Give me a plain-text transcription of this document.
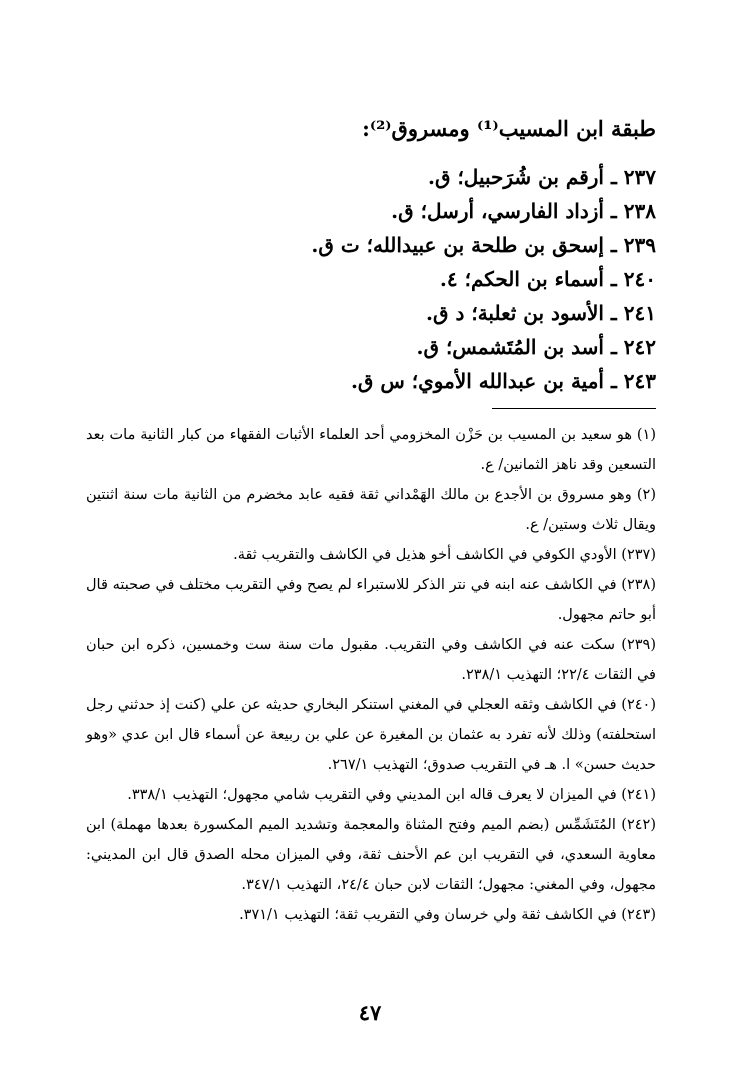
طبقة ابن المسيب⁽¹⁾ ومسروق⁽²⁾:
٢٣٧ ـ أرقم بن شُرَحبيل؛ ق.
٢٣٨ ـ أزداد الفارسي، أرسل؛ ق.
٢٣٩ ـ إسحق بن طلحة بن عبيدالله؛ ت ق.
٢٤٠ ـ أسماء بن الحكم؛ ٤.
٢٤١ ـ الأسود بن ثعلبة؛ د ق.
٢٤٢ ـ أسد بن المُتَشمس؛ ق.
٢٤٣ ـ أمية بن عبدالله الأموي؛ س ق.

(١) هو سعيد بن المسيب بن حَزْن المخزومي أحد العلماء الأثبات الفقهاء من كبار الثانية مات بعد التسعين وقد ناهز الثمانين/ ع.

(٢) وهو مسروق بن الأجدع بن مالك الهَمْداني ثقة فقيه عابد مخضرم من الثانية مات سنة اثنتين ويقال ثلاث وستين/ ع.

(٢٣٧) الأودي الكوفي في الكاشف أخو هذيل في الكاشف والتقريب ثقة.

(٢٣٨) في الكاشف عنه ابنه في نتر الذكر للاستبراء لم يصح وفي التقريب مختلف في صحبته قال أبو حاتم مجهول.

(٢٣٩) سكت عنه في الكاشف وفي التقريب. مقبول مات سنة ست وخمسين، ذكره ابن حبان في الثقات ٢٢/٤؛ التهذيب ٢٣٨/١.

(٢٤٠) في الكاشف وثقه العجلي في المغني استنكر البخاري حديثه عن علي (كنت إذ حدثني رجل استحلفته) وذلك لأنه تفرد به عثمان بن المغيرة عن علي بن ربيعة عن أسماء قال ابن عدي «وهو حديث حسن» ا. هـ في التقريب صدوق؛ التهذيب ٢٦٧/١.

(٢٤١) في الميزان لا يعرف قاله ابن المديني وفي التقريب شامي مجهول؛ التهذيب ٣٣٨/١.

(٢٤٢) المُتَشَمِّس (بضم الميم وفتح المثناة والمعجمة وتشديد الميم المكسورة بعدها مهملة) ابن معاوية السعدي، في التقريب ابن عم الأحنف ثقة، وفي الميزان محله الصدق قال ابن المديني: مجهول، وفي المغني: مجهول؛ الثقات لابن حبان ٢٤/٤، التهذيب ٣٤٧/١.

(٢٤٣) في الكاشف ثقة ولي خرسان وفي التقريب ثقة؛ التهذيب ٣٧١/١.

٤٧
